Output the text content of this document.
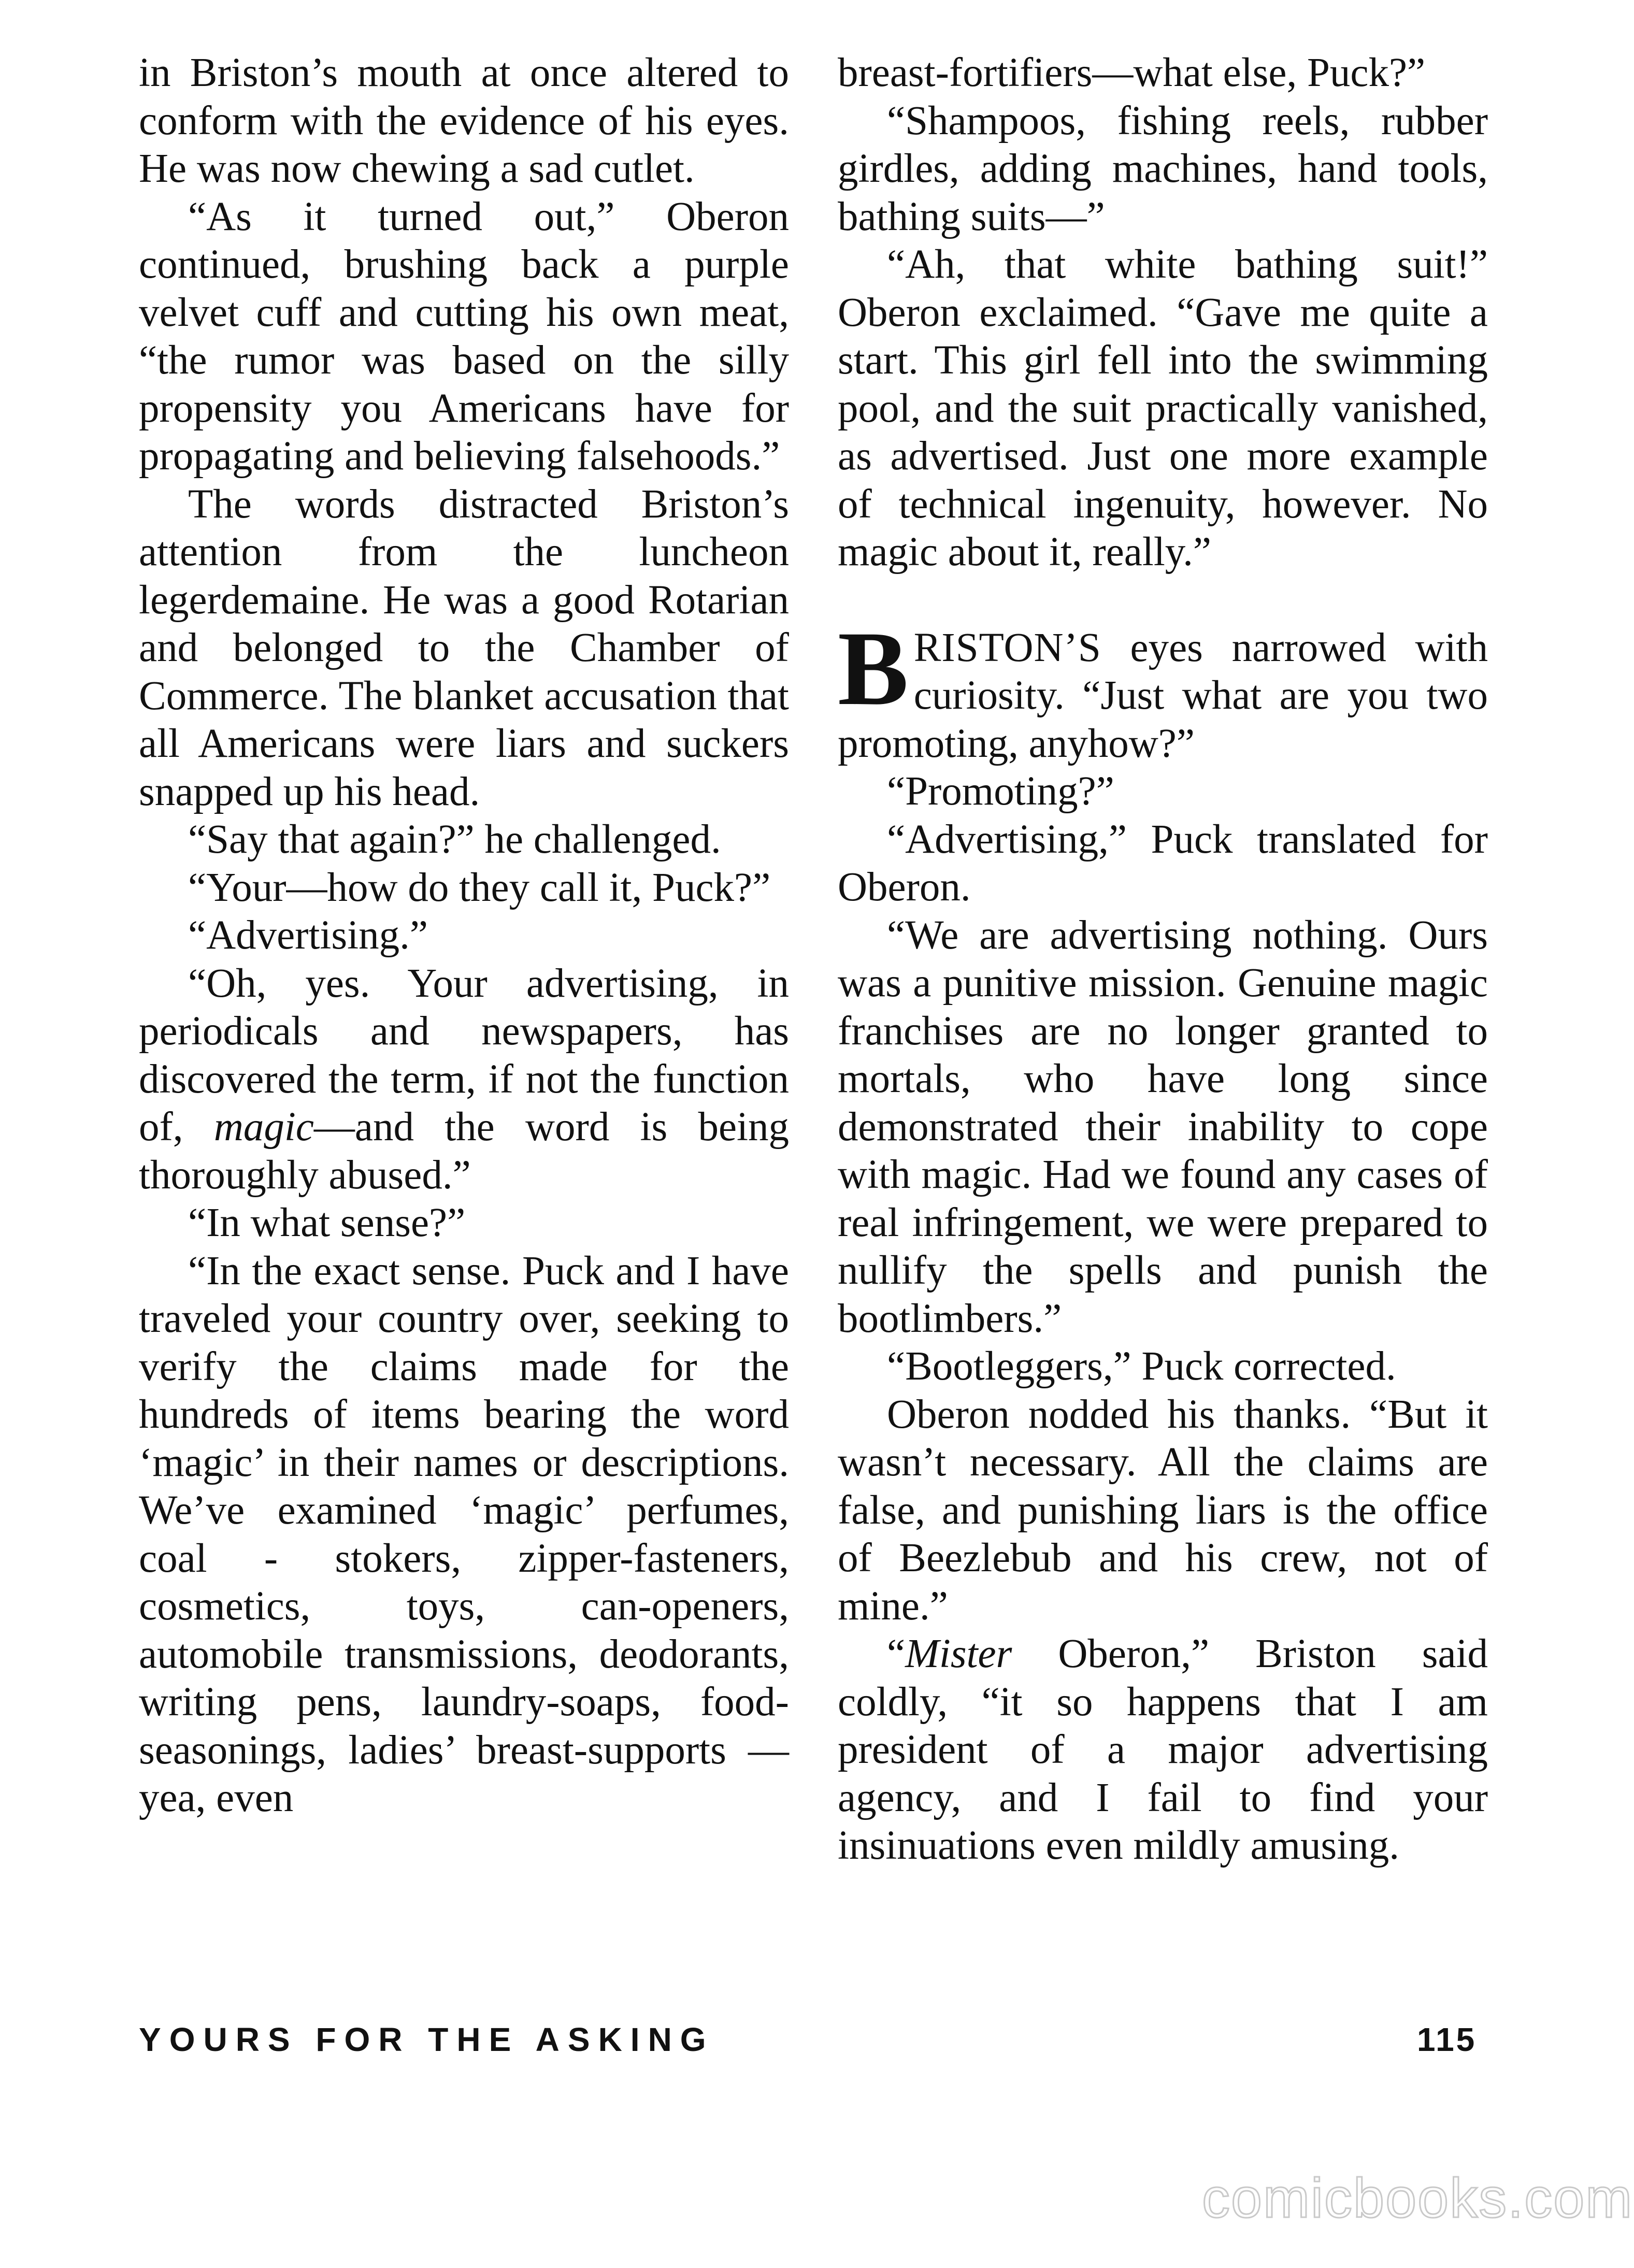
in Briston’s mouth at once altered to conform with the evidence of his eyes. He was now chewing a sad cutlet.

“As it turned out,” Oberon continued, brushing back a purple velvet cuff and cutting his own meat, “the rumor was based on the silly propensity you Americans have for propagating and believing falsehoods.”

The words distracted Briston’s attention from the luncheon legerdemaine. He was a good Rotarian and belonged to the Chamber of Commerce. The blanket accusation that all Americans were liars and suckers snapped up his head.

“Say that again?” he challenged.

“Your—how do they call it, Puck?”

“Advertising.”

“Oh, yes. Your advertising, in periodicals and newspapers, has discovered the term, if not the function of, magic—and the word is being thoroughly abused.”

“In what sense?”

“In the exact sense. Puck and I have traveled your country over, seeking to verify the claims made for the hundreds of items bearing the word ‘magic’ in their names or descriptions. We’ve examined ‘magic’ perfumes, coal - stokers, zipper-fasteners, cosmetics, toys, can-openers, automobile transmissions, deodorants, writing pens, laundry-soaps, food-seasonings, ladies’ breast-supports — yea, even

breast-fortifiers—what else, Puck?”

“Shampoos, fishing reels, rubber girdles, adding machines, hand tools, bathing suits—”

“Ah, that white bathing suit!” Oberon exclaimed. “Gave me quite a start. This girl fell into the swimming pool, and the suit practically vanished, as advertised. Just one more example of technical ingenuity, however. No magic about it, really.”

BRISTON’S eyes narrowed with curiosity. “Just what are you two promoting, anyhow?”

“Promoting?”

“Advertising,” Puck translated for Oberon.

“We are advertising nothing. Ours was a punitive mission. Genuine magic franchises are no longer granted to mortals, who have long since demonstrated their inability to cope with magic. Had we found any cases of real infringement, we were prepared to nullify the spells and punish the bootlimbers.”

“Bootleggers,” Puck corrected.

Oberon nodded his thanks. “But it wasn’t necessary. All the claims are false, and punishing liars is the office of Beezlebub and his crew, not of mine.”

“Mister Oberon,” Briston said coldly, “it so happens that I am president of a major advertising agency, and I fail to find your insinuations even mildly amusing.

YOURS FOR THE ASKING	115
comicbooks.com
